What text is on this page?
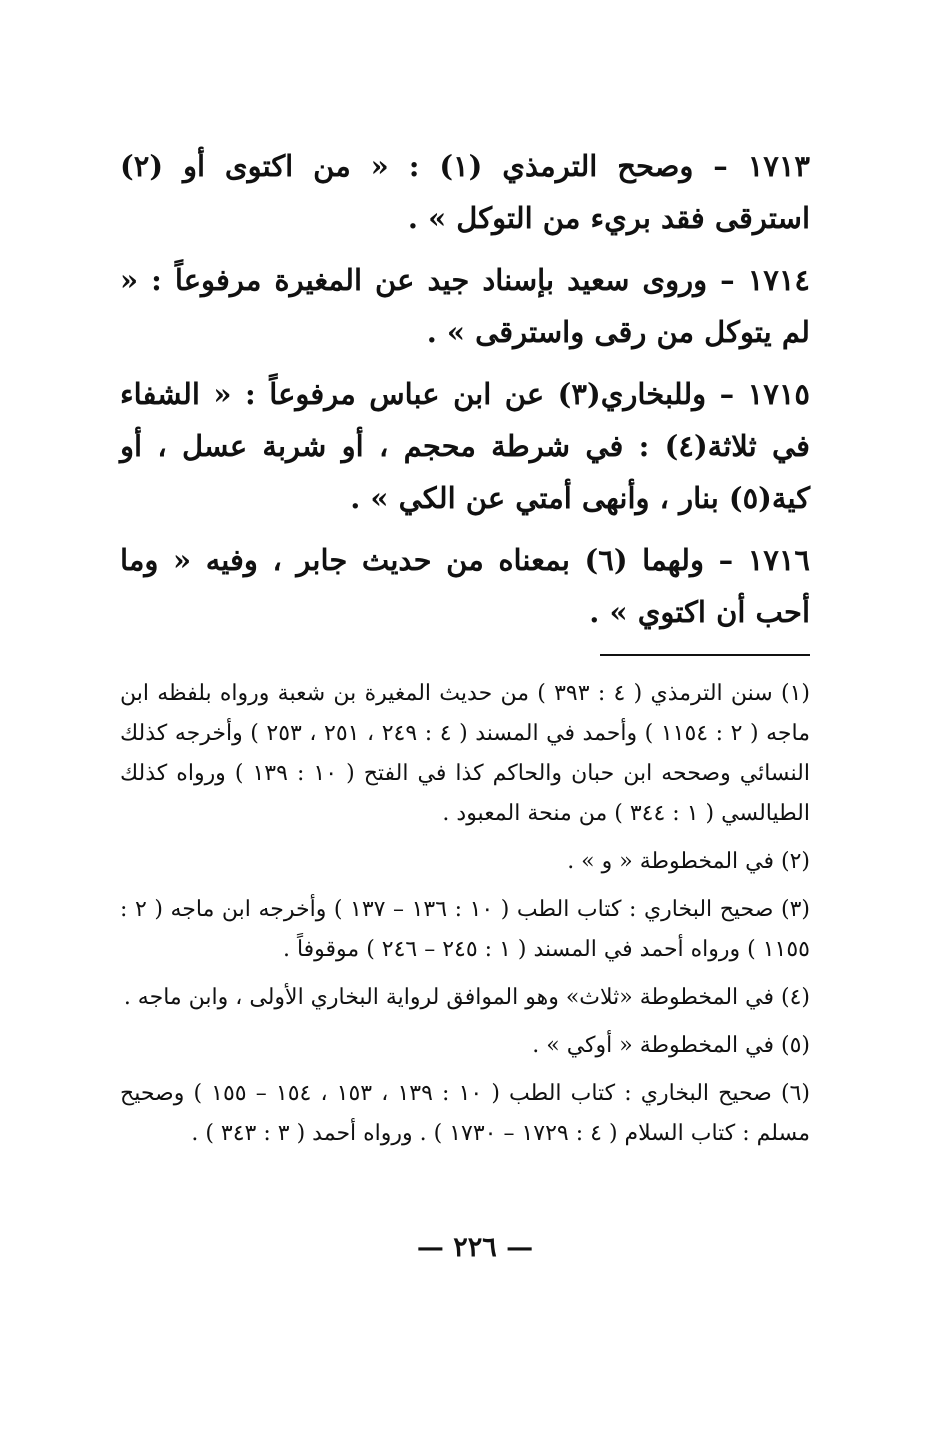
١٧١٣ – وصحح الترمذي (١) : « من اكتوى أو (٢) استرقى فقد بريء من التوكل » .

١٧١٤ – وروى سعيد بإسناد جيد عن المغيرة مرفوعاً : « لم يتوكل من رقى واسترقى » .

١٧١٥ – وللبخاري(٣) عن ابن عباس مرفوعاً : « الشفاء في ثلاثة(٤) : في شرطة محجم ، أو شربة عسل ، أو كية(٥) بنار ، وأنهى أمتي عن الكي » .

١٧١٦ – ولهما (٦) بمعناه من حديث جابر ، وفيه « وما أحب أن اكتوي » .

(١) سنن الترمذي ( ٤ : ٣٩٣ ) من حديث المغيرة بن شعبة ورواه بلفظه ابن ماجه ( ٢ : ١١٥٤ ) وأحمد في المسند ( ٤ : ٢٤٩ ، ٢٥١ ، ٢٥٣ ) وأخرجه كذلك النسائي وصححه ابن حبان والحاكم كذا في الفتح ( ١٠ : ١٣٩ ) ورواه كذلك الطيالسي ( ١ : ٣٤٤ ) من منحة المعبود .

(٢) في المخطوطة « و » .

(٣) صحيح البخاري : كتاب الطب ( ١٠ : ١٣٦ – ١٣٧ ) وأخرجه ابن ماجه ( ٢ : ١١٥٥ ) ورواه أحمد في المسند ( ١ : ٢٤٥ – ٢٤٦ ) موقوفاً .

(٤) في المخطوطة «ثلاث» وهو الموافق لرواية البخاري الأولى ، وابن ماجه .

(٥) في المخطوطة « أوكي » .

(٦) صحيح البخاري : كتاب الطب ( ١٠ : ١٣٩ ، ١٥٣ ، ١٥٤ – ١٥٥ ) وصحيح مسلم : كتاب السلام ( ٤ : ١٧٢٩ – ١٧٣٠ ) . ورواه أحمد ( ٣ : ٣٤٣ ) .

— ٢٢٦ —
